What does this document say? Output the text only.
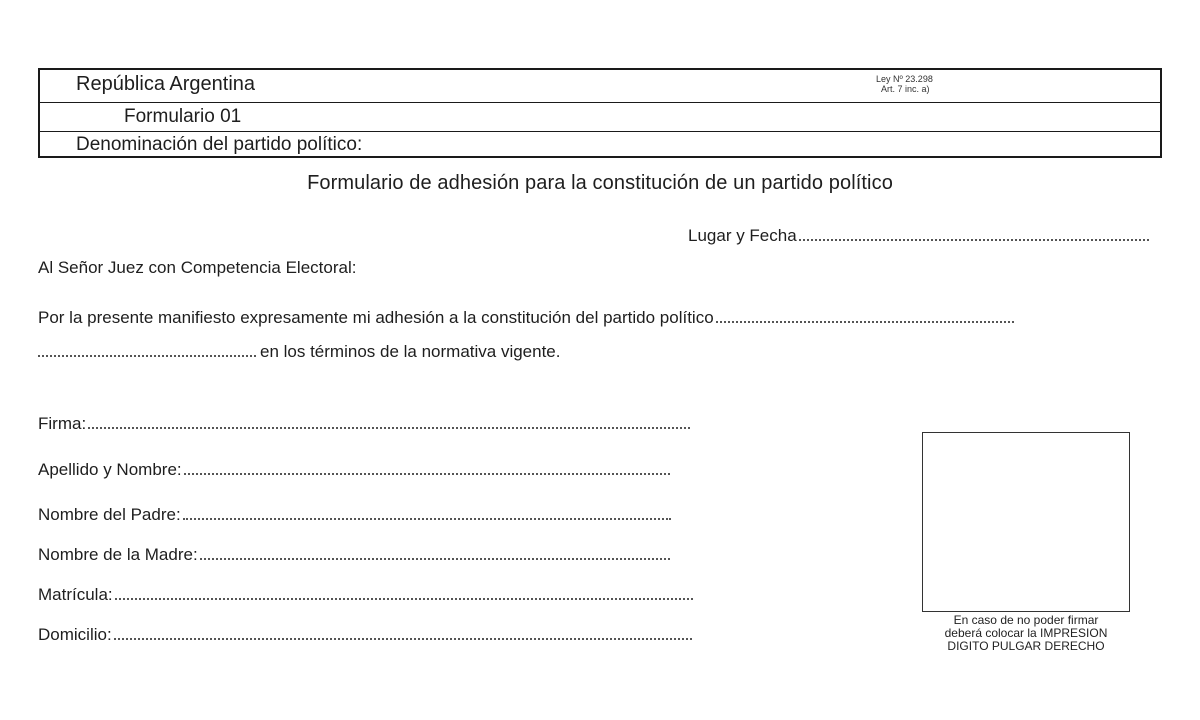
República Argentina	Ley Nº 23.298
Art. 7 inc. a)
Formulario 01
Denominación del partido político:
Formulario de adhesión para la constitución de un partido político
Lugar y Fecha
Al Señor Juez con Competencia Electoral:
Por la presente manifiesto expresamente mi adhesión a la constitución del partido político
en los términos de la normativa vigente.
Firma:
Apellido y Nombre:
Nombre del Padre:
Nombre de la Madre:
Matrícula:
Domicilio:
En caso de no poder firmar
deberá colocar la IMPRESION
DIGITO PULGAR DERECHO
